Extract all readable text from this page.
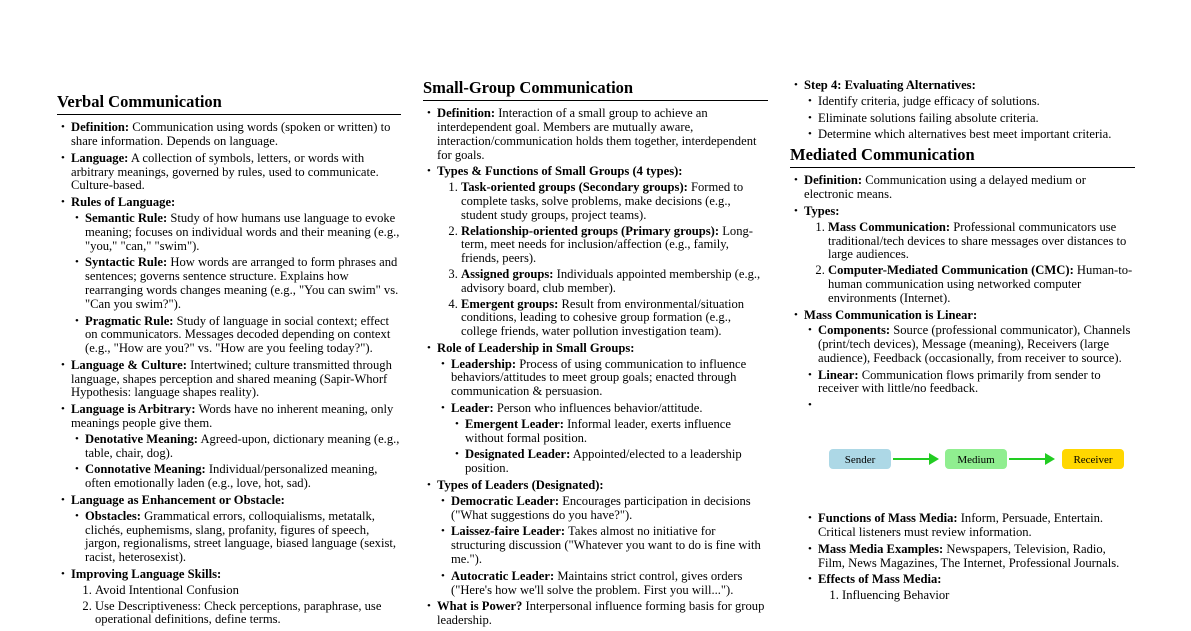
Verbal Communication
• Definition: Communication using words (spoken or written) to share information. Depends on language.
• Language: A collection of symbols, letters, or words with arbitrary meanings, governed by rules, used to communicate. Culture-based.
• Rules of Language:
• Semantic Rule: Study of how humans use language to evoke meaning; focuses on individual words and their meaning (e.g., "you," "can," "swim").
• Syntactic Rule: How words are arranged to form phrases and sentences; governs sentence structure. Explains how rearranging words changes meaning (e.g., "You can swim" vs. "Can you swim?").
• Pragmatic Rule: Study of language in social context; effect on communicators. Messages decoded depending on context (e.g., "How are you?" vs. "How are you feeling today?").
• Language & Culture: Intertwined; culture transmitted through language, shapes perception and shared meaning (Sapir-Whorf Hypothesis: language shapes reality).
• Language is Arbitrary: Words have no inherent meaning, only meanings people give them.
• Denotative Meaning: Agreed-upon, dictionary meaning (e.g., table, chair, dog).
• Connotative Meaning: Individual/personalized meaning, often emotionally laden (e.g., love, hot, sad).
• Language as Enhancement or Obstacle:
• Obstacles: Grammatical errors, colloquialisms, metatalk, clichés, euphemisms, slang, profanity, figures of speech, jargon, regionalisms, street language, biased language (sexist, racist, heterosexist).
• Improving Language Skills:
1. Avoid Intentional Confusion
2. Use Descriptiveness: Check perceptions, paraphrase, use operational definitions, define terms.
Small-Group Communication
• Definition: Interaction of a small group to achieve an interdependent goal. Members are mutually aware, interaction/communication holds them together, interdependent for goals.
• Types & Functions of Small Groups (4 types):
1. Task-oriented groups (Secondary groups): Formed to complete tasks, solve problems, make decisions (e.g., student study groups, project teams).
2. Relationship-oriented groups (Primary groups): Long-term, meet needs for inclusion/affection (e.g., family, friends, peers).
3. Assigned groups: Individuals appointed membership (e.g., advisory board, club member).
4. Emergent groups: Result from environmental/situation conditions, leading to cohesive group formation (e.g., college friends, water pollution investigation team).
• Role of Leadership in Small Groups:
• Leadership: Process of using communication to influence behaviors/attitudes to meet group goals; enacted through communication & persuasion.
• Leader: Person who influences behavior/attitude.
• Emergent Leader: Informal leader, exerts influence without formal position.
• Designated Leader: Appointed/elected to a leadership position.
• Types of Leaders (Designated):
• Democratic Leader: Encourages participation in decisions ("What suggestions do you have?").
• Laissez-faire Leader: Takes almost no initiative for structuring discussion ("Whatever you want to do is fine with me.").
• Autocratic Leader: Maintains strict control, gives orders ("Here's how we'll solve the problem. First you will...").
• What is Power? Interpersonal influence forming basis for group leadership.
• Step 4: Evaluating Alternatives:
• Identify criteria, judge efficacy of solutions.
• Eliminate solutions failing absolute criteria.
• Determine which alternatives best meet important criteria.
Mediated Communication
• Definition: Communication using a delayed medium or electronic means.
• Types:
1. Mass Communication: Professional communicators use traditional/tech devices to share messages over distances to large audiences.
2. Computer-Mediated Communication (CMC): Human-to-human communication using networked computer environments (Internet).
• Mass Communication is Linear:
• Components: Source (professional communicator), Channels (print/tech devices), Message (meaning), Receivers (large audience), Feedback (occasionally, from receiver to source).
• Linear: Communication flows primarily from sender to receiver with little/no feedback.
• Sender	Medium	Receiver
• Functions of Mass Media: Inform, Persuade, Entertain. Critical listeners must review information.
• Mass Media Examples: Newspapers, Television, Radio, Film, News Magazines, The Internet, Professional Journals.
• Effects of Mass Media:
1. Influencing Behavior
